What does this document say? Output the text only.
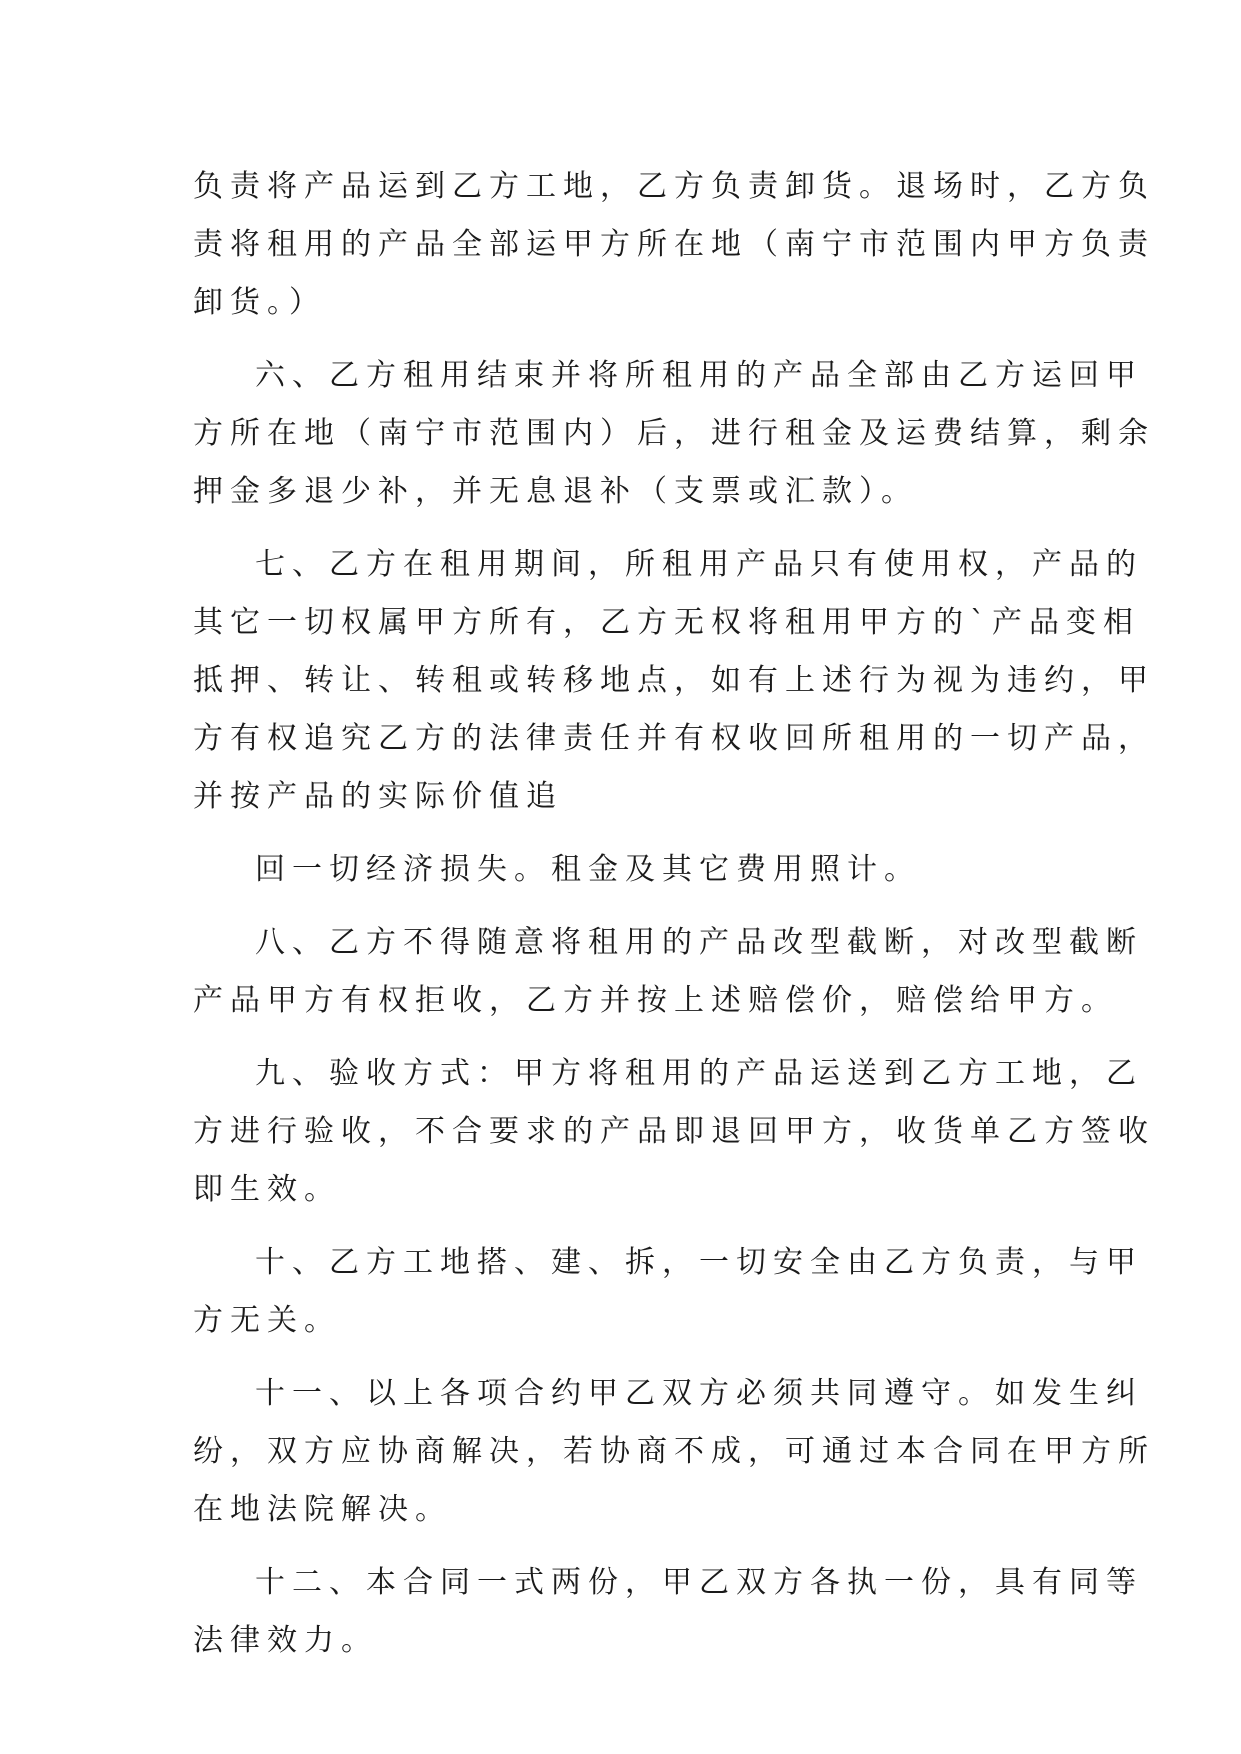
负责将产品运到乙方工地，乙方负责卸货。退场时，乙方负
责将租用的产品全部运甲方所在地（南宁市范围内甲方负责
卸货。）
六、乙方租用结束并将所租用的产品全部由乙方运回甲
方所在地（南宁市范围内）后，进行租金及运费结算，剩余
押金多退少补，并无息退补（支票或汇款）。
七、乙方在租用期间，所租用产品只有使用权，产品的
其它一切权属甲方所有，乙方无权将租用甲方的`产品变相
抵押、转让、转租或转移地点，如有上述行为视为违约，甲
方有权追究乙方的法律责任并有权收回所租用的一切产品，
并按产品的实际价值追
回一切经济损失。租金及其它费用照计。
八、乙方不得随意将租用的产品改型截断，对改型截断
产品甲方有权拒收，乙方并按上述赔偿价，赔偿给甲方。
九、验收方式：甲方将租用的产品运送到乙方工地，乙
方进行验收，不合要求的产品即退回甲方，收货单乙方签收
即生效。
十、乙方工地搭、建、拆，一切安全由乙方负责，与甲
方无关。
十一、以上各项合约甲乙双方必须共同遵守。如发生纠
纷，双方应协商解决，若协商不成，可通过本合同在甲方所
在地法院解决。
十二、本合同一式两份，甲乙双方各执一份，具有同等
法律效力。
